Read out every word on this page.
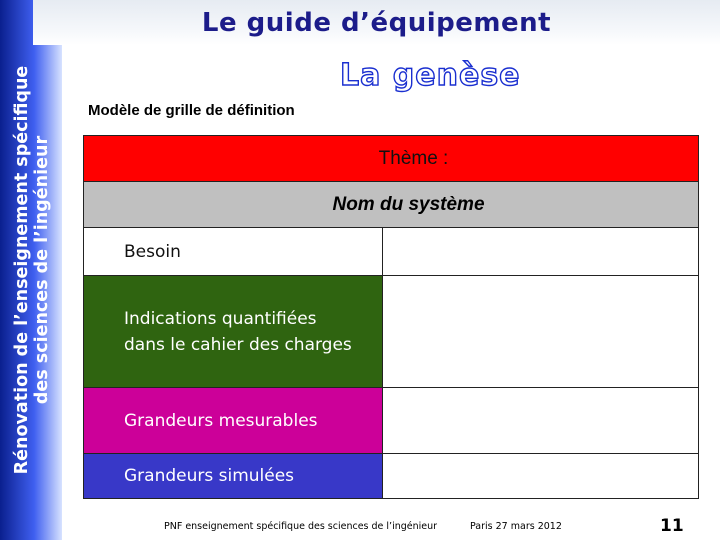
Rénovation de l’enseignement spécifique des sciences de l’ingénieur
Le guide d’équipement
La genèse
Modèle de grille de définition
Thème :
Nom du système
Besoin
Indications quantifiées
dans le cahier des charges
Grandeurs mesurables
Grandeurs simulées
PNF enseignement spécifique des sciences de l’ingénieur	Paris 27 mars 2012	11
